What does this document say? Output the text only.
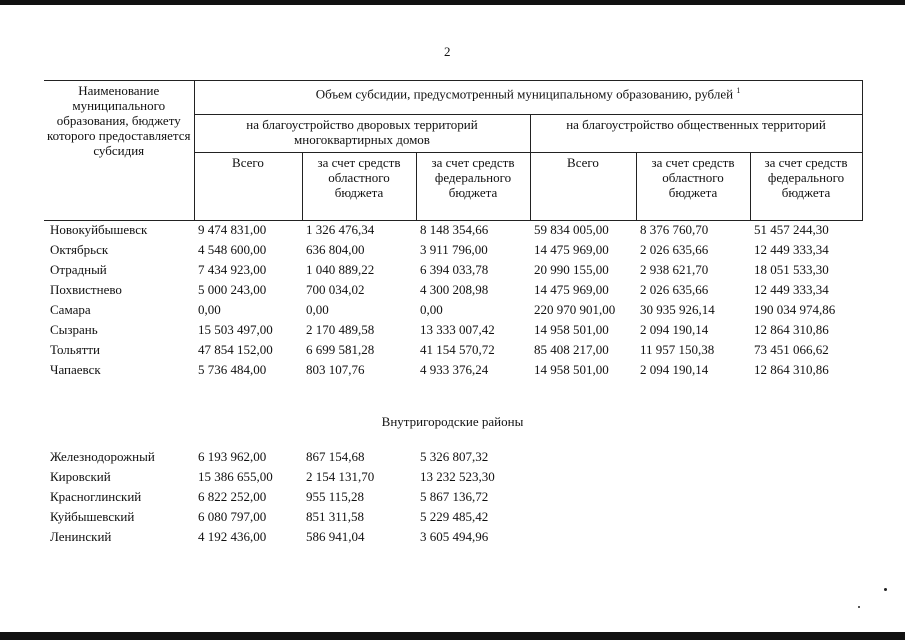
2
Наименование муниципального образования, бюджету которого предоставляется субсидия	Объем субсидии, предусмотренный муниципальному образованию, рублей $^1$
	на благоустройство дворовых территорий многоквартирных домов			на благоустройство общественных территорий		
	Всего	за счет средств областного бюджета	за счет средств федерального бюджета	Всего	за счет средств областного бюджета	за счет средств федерального бюджета
Новокуйбышевск	9 474 831,00	1 326 476,34	8 148 354,66	59 834 005,00	8 376 760,70	51 457 244,30
Октябрьск	4 548 600,00	636 804,00	3 911 796,00	14 475 969,00	2 026 635,66	12 449 333,34
Отрадный	7 434 923,00	1 040 889,22	6 394 033,78	20 990 155,00	2 938 621,70	18 051 533,30
Похвистнево	5 000 243,00	700 034,02	4 300 208,98	14 475 969,00	2 026 635,66	12 449 333,34
Самара	0,00	0,00	0,00	220 970 901,00	30 935 926,14	190 034 974,86
Сызрань	15 503 497,00	2 170 489,58	13 333 007,42	14 958 501,00	2 094 190,14	12 864 310,86
Тольятти	47 854 152,00	6 699 581,28	41 154 570,72	85 408 217,00	11 957 150,38	73 451 066,62
Чапаевск	5 736 484,00	803 107,76	4 933 376,24	14 958 501,00	2 094 190,14	12 864 310,86
Внутригородские районы
Железнодорожный	6 193 962,00	867 154,68	5 326 807,32
Кировский	15 386 655,00	2 154 131,70	13 232 523,30
Красноглинский	6 822 252,00	955 115,28	5 867 136,72
Куйбышевский	6 080 797,00	851 311,58	5 229 485,42
Ленинский	4 192 436,00	586 941,04	3 605 494,96
